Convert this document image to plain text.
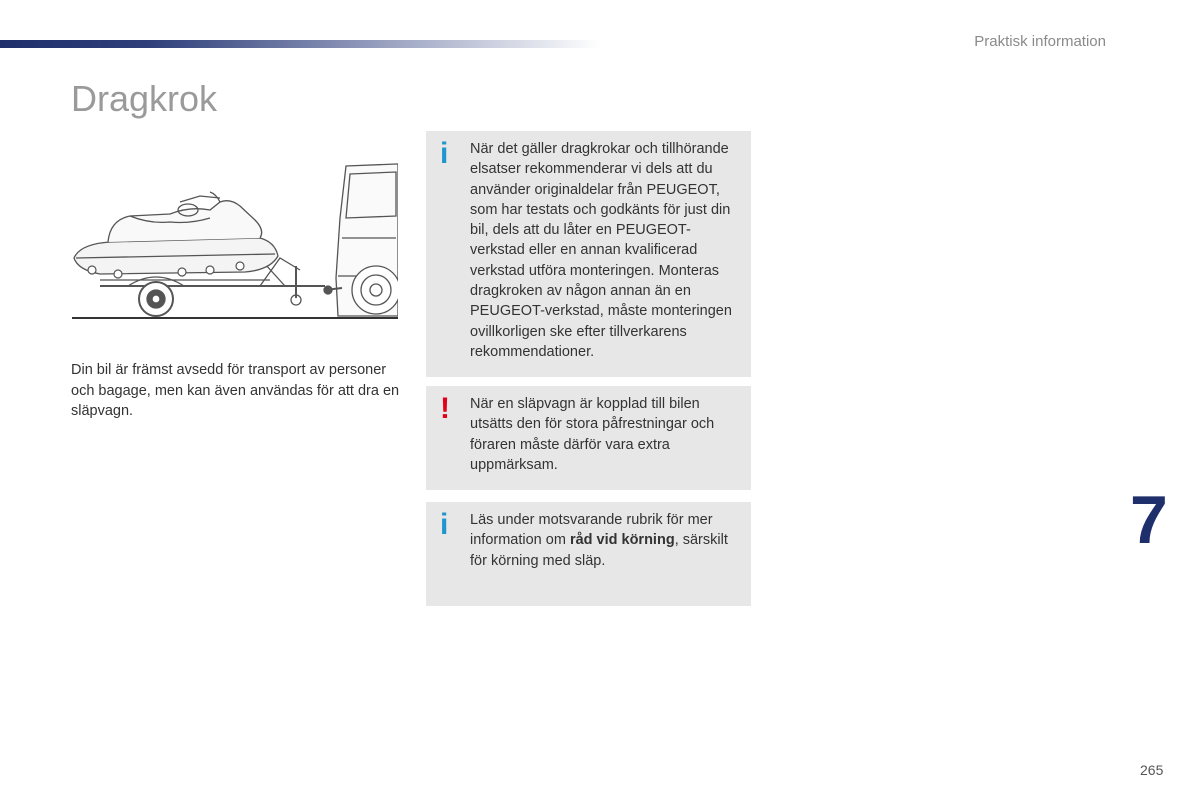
Praktisk information
Dragkrok
Din bil är främst avsedd för transport av personer och bagage, men kan även användas för att dra en släpvagn.
i När det gäller dragkrokar och tillhörande elsatser rekommenderar vi dels att du använder originaldelar från PEUGEOT, som har testats och godkänts för just din bil, dels att du låter en PEUGEOT-verkstad eller en annan kvalificerad verkstad utföra monteringen. Monteras dragkroken av någon annan än en PEUGEOT-verkstad, måste monteringen ovillkorligen ske efter tillverkarens rekommendationer.
! När en släpvagn är kopplad till bilen utsätts den för stora påfrestningar och föraren måste därför vara extra uppmärksam.
i Läs under motsvarande rubrik för mer information om råd vid körning, särskilt för körning med släp.
7
265
